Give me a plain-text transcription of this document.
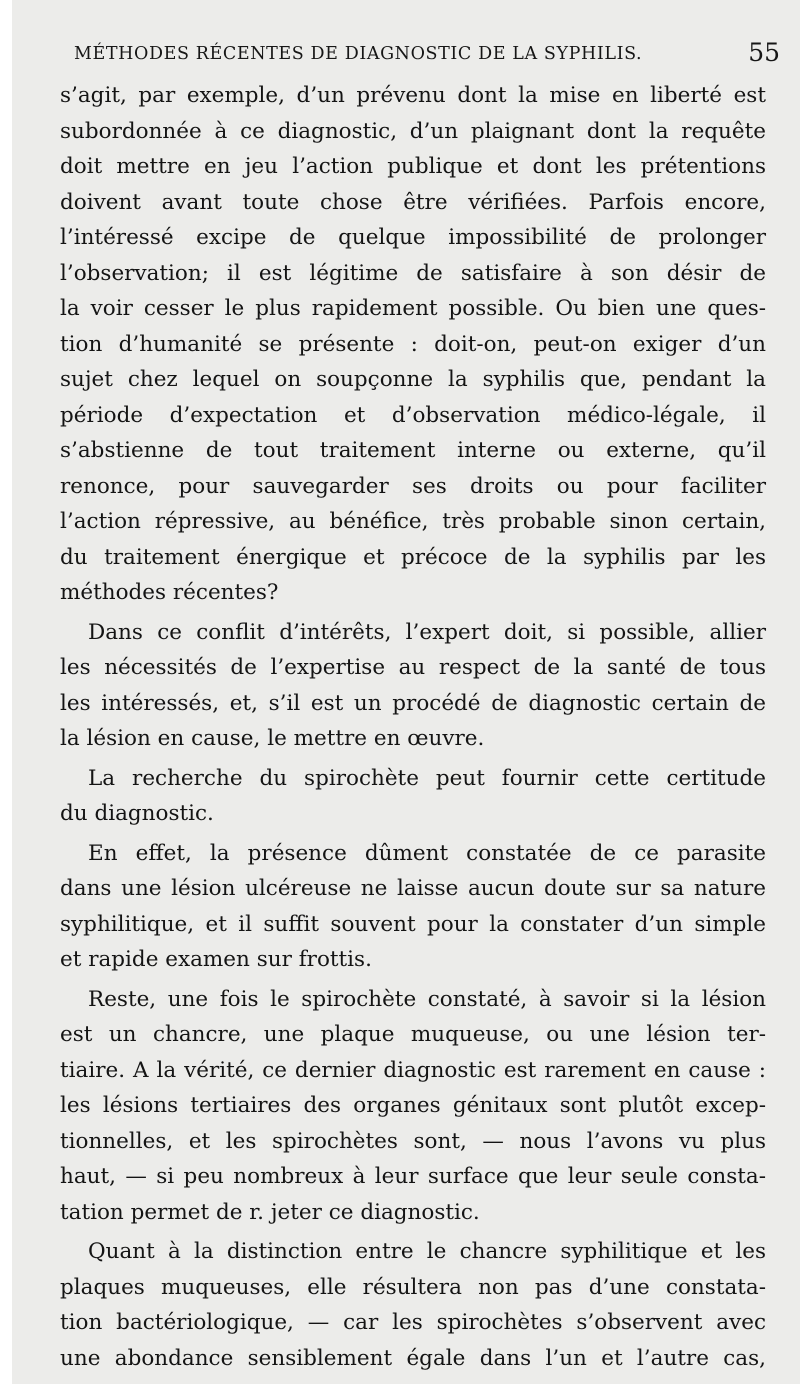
MÉTHODES RÉCENTES DE DIAGNOSTIC DE LA SYPHILIS.	55
s’agit, par exemple, d’un prévenu dont la mise en liberté est
subordonnée à ce diagnostic, d’un plaignant dont la requête
doit mettre en jeu l’action publique et dont les prétentions
doivent avant toute chose être vérifiées. Parfois encore,
l’intéressé excipe de quelque impossibilité de prolonger
l’observation; il est légitime de satisfaire à son désir de
la voir cesser le plus rapidement possible. Ou bien une ques-
tion d’humanité se présente : doit-on, peut-on exiger d’un
sujet chez lequel on soupçonne la syphilis que, pendant la
période d’expectation et d’observation médico-légale, il
s’abstienne de tout traitement interne ou externe, qu’il
renonce, pour sauvegarder ses droits ou pour faciliter
l’action répressive, au bénéfice, très probable sinon certain,
du traitement énergique et précoce de la syphilis par les
méthodes récentes?
Dans ce conflit d’intérêts, l’expert doit, si possible, allier
les nécessités de l’expertise au respect de la santé de tous
les intéressés, et, s’il est un procédé de diagnostic certain de
la lésion en cause, le mettre en œuvre.
La recherche du spirochète peut fournir cette certitude
du diagnostic.
En effet, la présence dûment constatée de ce parasite
dans une lésion ulcéreuse ne laisse aucun doute sur sa nature
syphilitique, et il suffit souvent pour la constater d’un simple
et rapide examen sur frottis.
Reste, une fois le spirochète constaté, à savoir si la lésion
est un chancre, une plaque muqueuse, ou une lésion ter-
tiaire. A la vérité, ce dernier diagnostic est rarement en cause :
les lésions tertiaires des organes génitaux sont plutôt excep-
tionnelles, et les spirochètes sont, — nous l’avons vu plus
haut, — si peu nombreux à leur surface que leur seule consta-
tation permet de r. jeter ce diagnostic.
Quant à la distinction entre le chancre syphilitique et les
plaques muqueuses, elle résultera non pas d’une constata-
tion bactériologique, — car les spirochètes s’observent avec
une abondance sensiblement égale dans l’un et l’autre cas,
